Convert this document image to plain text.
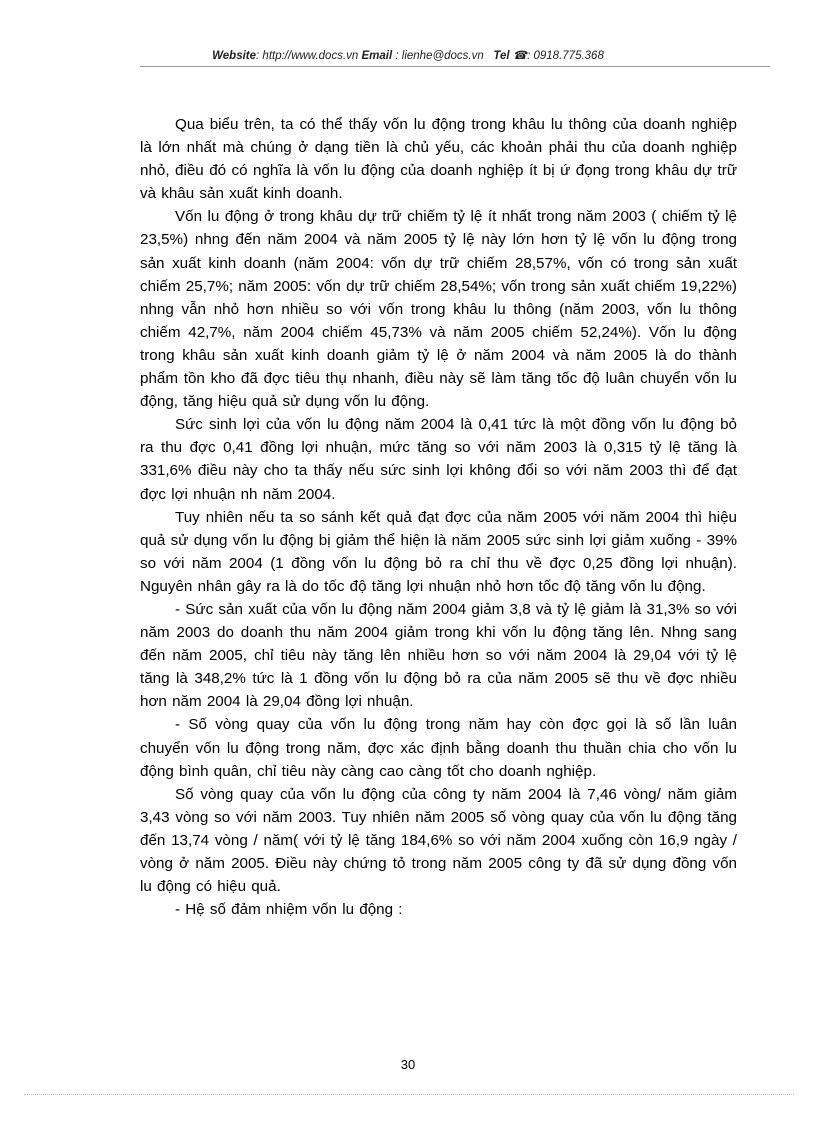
Website: http://www.docs.vn Email : lienhe@docs.vn Tel ☎: 0918.775.368

Qua biểu trên, ta có thể thấy vốn lu động trong khâu lu thông của doanh nghiệp là lớn nhất mà chúng ở dạng tiền là chủ yếu, các khoản phải thu của doanh nghiệp nhỏ, điều đó có nghĩa là vốn lu động của doanh nghiệp ít bị ứ đọng trong khâu dự trữ và khâu sản xuất kinh doanh.

Vốn lu động ở trong khâu dự trữ chiếm tỷ lệ ít nhất trong năm 2003 ( chiếm tỷ lệ 23,5%) nhng đến năm 2004 và năm 2005 tỷ lệ này lớn hơn tỷ lệ vốn lu động trong sản xuất kinh doanh (năm 2004: vốn dự trữ chiếm 28,57%, vốn có trong sản xuất chiếm 25,7%; năm 2005: vốn dự trữ chiếm 28,54%; vốn trong sản xuất chiếm 19,22%) nhng vẫn nhỏ hơn nhiều so với vốn trong khâu lu thông (năm 2003, vốn lu thông chiếm 42,7%, năm 2004 chiếm 45,73% và năm 2005 chiếm 52,24%). Vốn lu động trong khâu sản xuất kinh doanh giảm tỷ lệ ở năm 2004 và năm 2005 là do thành phẩm tồn kho đã đợc tiêu thụ nhanh, điều này sẽ làm tăng tốc độ luân chuyển vốn lu động, tăng hiệu quả sử dụng vốn lu động.

Sức sinh lợi của vốn lu động năm 2004 là 0,41 tức là một đồng vốn lu động bỏ ra thu đợc 0,41 đồng lợi nhuận, mức tăng so với năm 2003 là 0,315 tỷ lệ tăng là 331,6% điều này cho ta thấy nếu sức sinh lợi không đổi so với năm 2003 thì để đạt đợc lợi nhuận nh năm 2004.

Tuy nhiên nếu ta so sánh kết quả đạt đợc của năm 2005 với năm 2004 thì hiệu quả sử dụng vốn lu động bị giảm thể hiện là năm 2005 sức sinh lợi giảm xuống - 39% so với năm 2004 (1 đồng vốn lu động bỏ ra chỉ thu về đợc 0,25 đồng lợi nhuận). Nguyên nhân gây ra là do tốc độ tăng lợi nhuận nhỏ hơn tốc độ tăng vốn lu động.

- Sức sản xuất của vốn lu động năm 2004 giảm 3,8 và tỷ lệ giảm là 31,3% so với năm 2003 do doanh thu năm 2004 giảm trong khi vốn lu động tăng lên. Nhng sang đến năm 2005, chỉ tiêu này tăng lên nhiều hơn so với năm 2004 là 29,04 với tỷ lệ tăng là 348,2% tức là 1 đồng vốn lu động bỏ ra của năm 2005 sẽ thu về đợc nhiều hơn năm 2004 là 29,04 đồng lợi nhuận.

- Số vòng quay của vốn lu động trong năm hay còn đợc gọi là số lần luân chuyển vốn lu động trong năm, đợc xác định bằng doanh thu thuần chia cho vốn lu động bình quân, chỉ tiêu này càng cao càng tốt cho doanh nghiệp.

Số vòng quay của vốn lu động của công ty năm 2004 là 7,46 vòng/ năm giảm 3,43 vòng so với năm 2003. Tuy nhiên năm 2005 số vòng quay của vốn lu động tăng đến 13,74 vòng / năm( với tỷ lệ tăng 184,6% so với năm 2004 xuống còn 16,9 ngày / vòng ở năm 2005. Điều này chứng tỏ trong năm 2005 công ty đã sử dụng đồng vốn lu động có hiệu quả.

- Hệ số đảm nhiệm vốn lu động :

30
